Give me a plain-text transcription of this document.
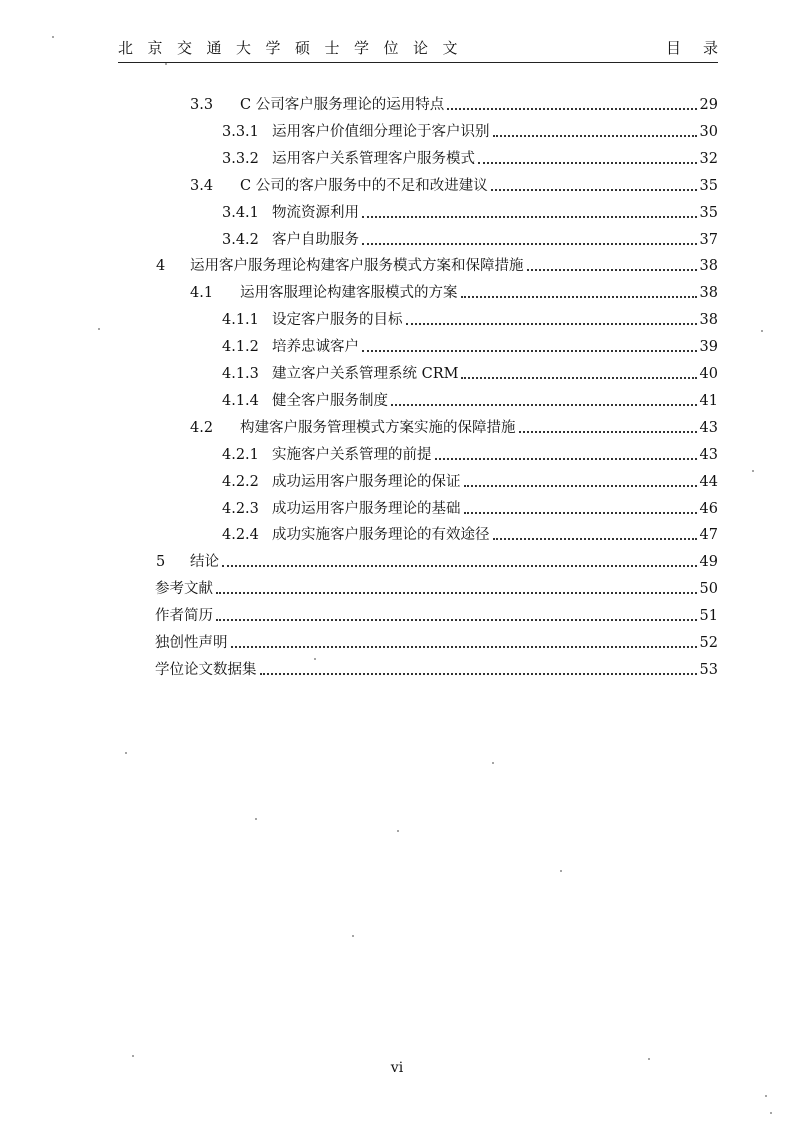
北京交通大学硕士学位论文	目录
3.3	C 公司客户服务理论的运用特点	29
3.3.1 运用客户价值细分理论于客户识别	30
3.3.2 运用客户关系管理客户服务模式	32
3.4	C 公司的客户服务中的不足和改进建议	35
3.4.1 物流资源利用	35
3.4.2 客户自助服务	37
4	运用客户服务理论构建客户服务模式方案和保障措施	38
4.1	运用客服理论构建客服模式的方案	38
4.1.1 设定客户服务的目标	38
4.1.2 培养忠诚客户	39
4.1.3 建立客户关系管理系统 CRM	40
4.1.4 健全客户服务制度	41
4.2	构建客户服务管理模式方案实施的保障措施	43
4.2.1 实施客户关系管理的前提	43
4.2.2 成功运用客户服务理论的保证	44
4.2.3 成功运用客户服务理论的基础	46
4.2.4 成功实施客户服务理论的有效途径	47
5	结论	49
参考文献	50
作者简历	51
独创性声明	52
学位论文数据集	53
vi
